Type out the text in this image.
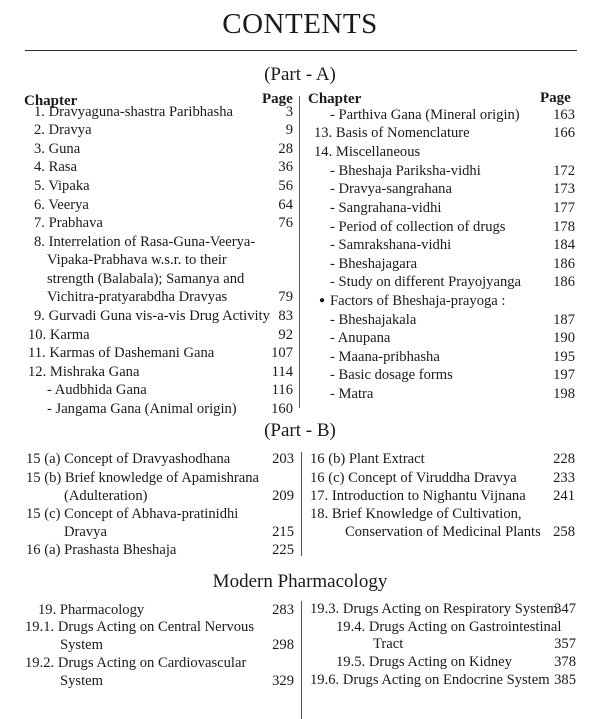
CONTENTS
(Part - A)
Chapter	Page Chapter	Page
1. Dravyaguna-shastra Paribhasha	3
2. Dravya	9
3. Guna	28
4. Rasa	36
5. Vipaka	56
6. Veerya	64
7. Prabhava	76
8. Interrelation of Rasa-Guna-Veerya-
Vipaka-Prabhava w.s.r. to their
strength (Balabala); Samanya and
Vichitra-pratyarabdha Dravyas	79
9. Gurvadi Guna vis-a-vis Drug Activity 83
10. Karma	92
11. Karmas of Dashemani Gana	107
12. Mishraka Gana	114
- Audbhida Gana	116
- Jangama Gana (Animal origin) 160
- Parthiva Gana (Mineral origin) 163
13. Basis of Nomenclature	166
14. Miscellaneous
- Bheshaja Pariksha-vidhi	172
- Dravya-sangrahana	173
- Sangrahana-vidhi	177
- Period of collection of drugs	178
- Samrakshana-vidhi	184
- Bheshajagara	186
- Study on different Prayojyanga 186
Factors of Bheshaja-prayoga :
●
- Bheshajakala	187
- Anupana	190
- Maana-pribhasha	195
- Basic dosage forms	197
- Matra	198
(Part - B)
15 (a) Concept of Dravyashodhana	203
15 (b) Brief knowledge of Apamishrana
(Adulteration)	209
15 (c) Concept of Abhava-pratinidhi
Dravya	215
16 (a) Prashasta Bheshaja	225
16 (b) Plant Extract	228
16 (c) Concept of Viruddha Dravya 233
17. Introduction to Nighantu Vijnana 241
18. Brief Knowledge of Cultivation,
Conservation of Medicinal Plants 258
Modern Pharmacology
19. Pharmacology	283
19.1. Drugs Acting on Central Nervous
System	298
19.2. Drugs Acting on Cardiovascular
System	329
19.3. Drugs Acting on Respiratory System
347
19.4. Drugs Acting on Gastrointestinal
Tract	357
19.5. Drugs Acting on Kidney	378
19.6. Drugs Acting on Endocrine System 385
